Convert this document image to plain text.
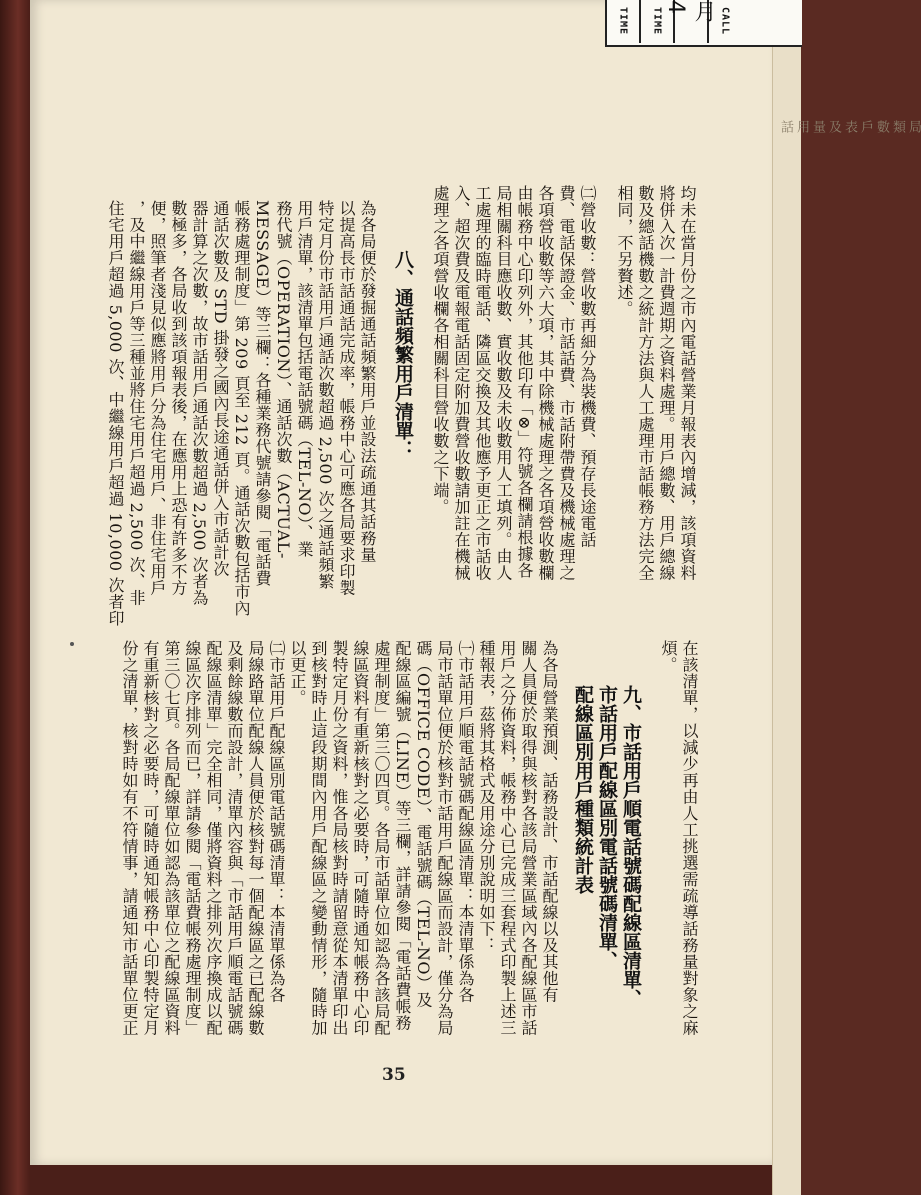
局
類
數
戶
表
及
量
用
話
TIME	TIME	月 4	CALL
均未在當月份之市內電話營業月報表內增減，該項資料
將併入次一計費週期之資料處理。用戶總數、用戶總線
數及總話機數之統計方法與人工處理市話帳務方法完全
相同，不另贅述。
㈡營收數：營收數再細分為裝機費、預存長途電話
費、電話保證金、市話話費、市話附帶費及機械處理之
各項營收數等六大項，其中除機械處理之各項營收數欄
由帳務中心印列外，其他印有「⊗」符號各欄請根據各
局相關科目應收數、實收數及未收數用人工填列。由人
工處理的臨時電話、隣區交換及其他應予更正之市話收
入、超次費及電報電話固定附加費營收數請加註在機械
處理之各項營收欄各相關科目營收數之下端。
八、通話頻繁用戶清單：
為各局便於發掘通話頻繁用戶並設法疏通其話務量
以提高長市話通話完成率，帳務中心可應各局要求印製
特定月份市話用戶通話次數超過 2,500 次之通話頻繁
用戶清單，該清單包括電話號碼（TEL-NO）、業
務代號（OPERATION）、通話次數（ACTUAL-
MESSAGE）等三欄：各種業務代號請參閱「電話費
帳務處理制度」第 209 頁至 212 頁。通話次數包括市內
通話次數及 STD 掛發之國內長途通話併入市話計次
器計算之次數，故市話用戶通話次數超過 2,500 次者為
數極多，各局收到該項報表後，在應用上恐有許多不方
便，照筆者淺見似應將用戶分為住宅用戶、非住宅用戶
，及中繼線用戶等三種並將住宅用戶超過 2,500 次、非
住宅用戶超過 5,000 次、中繼線用戶超過 10,000 次者印
在該清單，以減少再由人工挑選需疏導話務量對象之麻
煩。
九、市話用戶順電話號碼配線區清單、
市話用戶配線區別電話號碼清單、
配線區別用戶種類統計表
為各局營業預測、話務設計、市話配線以及其他有
關人員便於取得與核對各該局營業區域內各配線區市話
用戶之分佈資料，帳務中心已完成三套程式印製上述三
種報表，茲將其格式及用途分別說明如下：
㈠市話用戶順電話號碼配線區清單：本清單係為各
局市話單位便於核對市話用戶配線區而設計，僅分為局
碼（OFFICE CODE）、電話號碼（TEL-NO）及
配線區編號（LINE）等三欄，詳請參閱「電話費帳務
處理制度」第三〇四頁。各局市話單位如認為各該局配
線區資料有重新核對之必要時，可隨時通知帳務中心印
製特定月份之資料，惟各局核對時請留意從本清單印出
到核對時止這段期間內用戶配線區之變動情形，隨時加
以更正。
㈡市話用戶配線區別電話號碼清單：本清單係為各
局線路單位配線人員便於核對每一個配線區之已配線數
及剩餘線數而設計，清單內容與「市話用戶順電話號碼
配線區清單」完全相同，僅將資料之排列次序換成以配
線區次序排列而已，詳請參閱「電話費帳務處理制度」
第三〇七頁。各局配線單位如認為該單位之配線區資料
有重新核對之必要時，可隨時通知帳務中心印製特定月
份之清單，核對時如有不符情事，請通知市話單位更正
35
